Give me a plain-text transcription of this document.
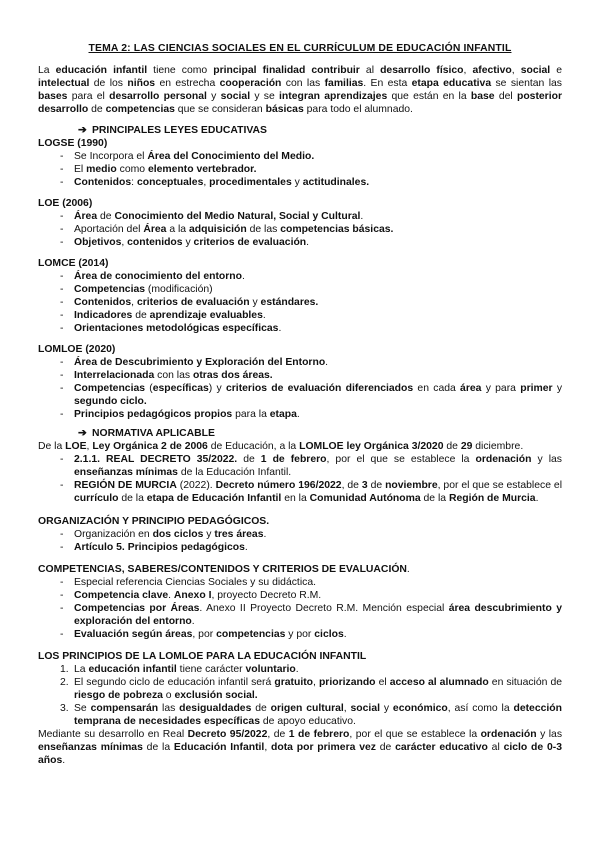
TEMA 2: LAS CIENCIAS SOCIALES EN EL CURRÍCULUM DE EDUCACIÓN INFANTIL

La educación infantil tiene como principal finalidad contribuir al desarrollo físico, afectivo, social e intelectual de los niños en estrecha cooperación con las familias. En esta etapa educativa se sientan las bases para el desarrollo personal y social y se integran aprendizajes que están en la base del posterior desarrollo de competencias que se consideran básicas para todo el alumnado.

➔ PRINCIPALES LEYES EDUCATIVAS
LOGSE (1990)
- Se Incorpora el Área del Conocimiento del Medio.
- El medio como elemento vertebrador.
- Contenidos: conceptuales, procedimentales y actitudinales.
LOE (2006)
- Área de Conocimiento del Medio Natural, Social y Cultural.
- Aportación del Área a la adquisición de las competencias básicas.
- Objetivos, contenidos y criterios de evaluación.
LOMCE (2014)
- Área de conocimiento del entorno.
- Competencias (modificación)
- Contenidos, criterios de evaluación y estándares.
- Indicadores de aprendizaje evaluables.
- Orientaciones metodológicas específicas.
LOMLOE (2020)
- Área de Descubrimiento y Exploración del Entorno.
- Interrelacionada con las otras dos áreas.
- Competencias (específicas) y criterios de evaluación diferenciados en cada área y para primer y segundo ciclo.
- Principios pedagógicos propios para la etapa.
➔ NORMATIVA APLICABLE

De la LOE, Ley Orgánica 2 de 2006 de Educación, a la LOMLOE ley Orgánica 3/2020 de 29 diciembre.

- 2.1.1. REAL DECRETO 35/2022. de 1 de febrero, por el que se establece la ordenación y las enseñanzas mínimas de la Educación Infantil.
- REGIÓN DE MURCIA (2022). Decreto número 196/2022, de 3 de noviembre, por el que se establece el currículo de la etapa de Educación Infantil en la Comunidad Autónoma de la Región de Murcia.
ORGANIZACIÓN Y PRINCIPIO PEDAGÓGICOS.
- Organización en dos ciclos y tres áreas.
- Artículo 5. Principios pedagógicos.
COMPETENCIAS, SABERES/CONTENIDOS Y CRITERIOS DE EVALUACIÓN.
- Especial referencia Ciencias Sociales y su didáctica.
- Competencia clave. Anexo I, proyecto Decreto R.M.
- Competencias por Áreas. Anexo II Proyecto Decreto R.M. Mención especial área descubrimiento y exploración del entorno.
- Evaluación según áreas, por competencias y por ciclos.
LOS PRINCIPIOS DE LA LOMLOE PARA LA EDUCACIÓN INFANTIL
1. La educación infantil tiene carácter voluntario.
2. El segundo ciclo de educación infantil será gratuito, priorizando el acceso al alumnado en situación de riesgo de pobreza o exclusión social.
3. Se compensarán las desigualdades de origen cultural, social y económico, así como la detección temprana de necesidades específicas de apoyo educativo.

Mediante su desarrollo en Real Decreto 95/2022, de 1 de febrero, por el que se establece la ordenación y las enseñanzas mínimas de la Educación Infantil, dota por primera vez de carácter educativo al ciclo de 0-3 años.
